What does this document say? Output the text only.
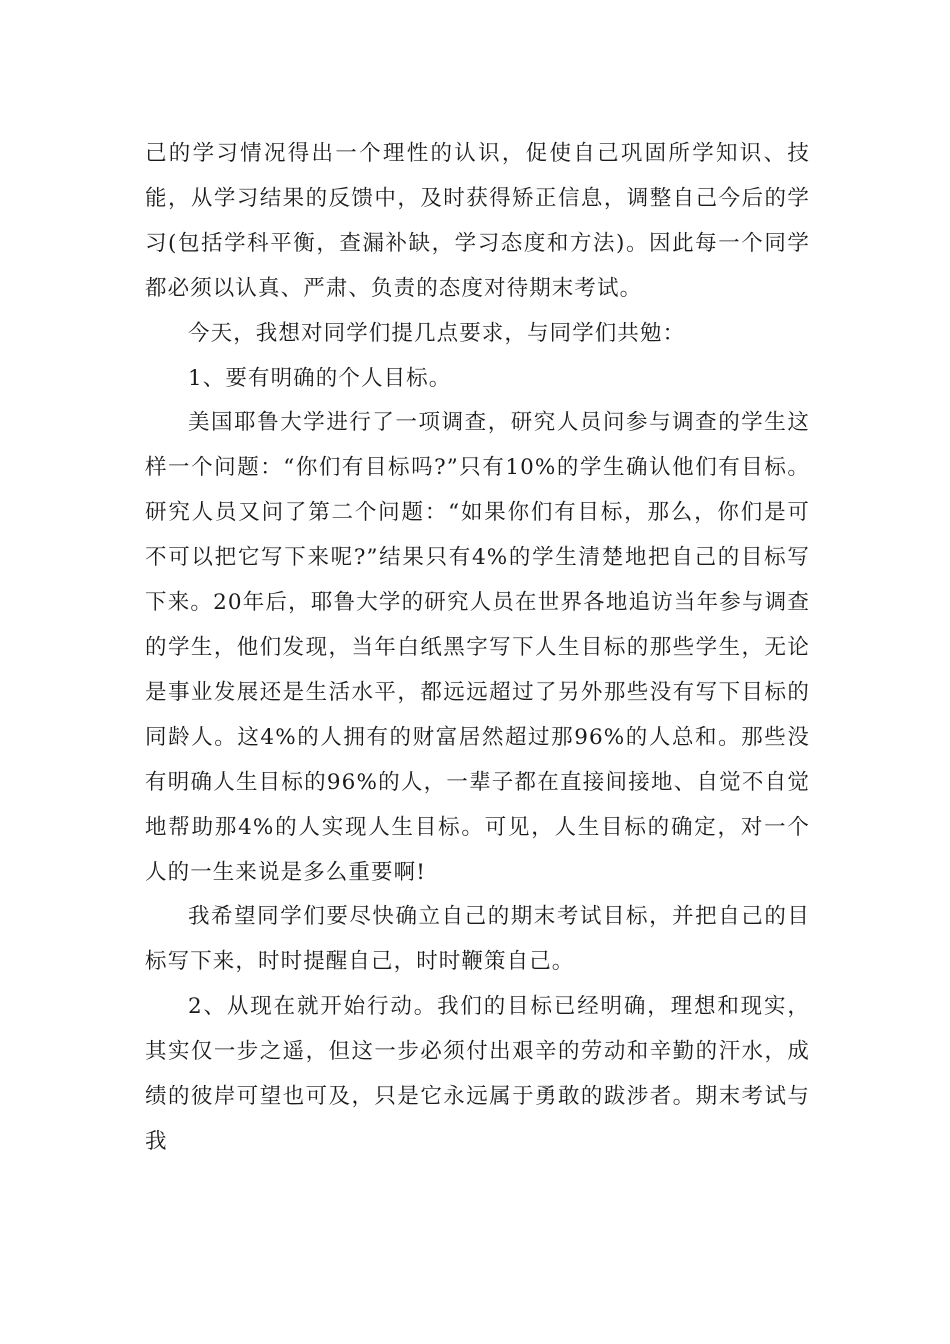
己的学习情况得出一个理性的认识，促使自己巩固所学知识、技能，从学习结果的反馈中，及时获得矫正信息，调整自己今后的学习(包括学科平衡，查漏补缺，学习态度和方法)。因此每一个同学都必须以认真、严肃、负责的态度对待期末考试。

今天，我想对同学们提几点要求，与同学们共勉：

1、要有明确的个人目标。

美国耶鲁大学进行了一项调查，研究人员问参与调查的学生这样一个问题：“你们有目标吗?”只有10%的学生确认他们有目标。研究人员又问了第二个问题：“如果你们有目标，那么，你们是可不可以把它写下来呢?”结果只有4%的学生清楚地把自己的目标写下来。20年后，耶鲁大学的研究人员在世界各地追访当年参与调查的学生，他们发现，当年白纸黑字写下人生目标的那些学生，无论是事业发展还是生活水平，都远远超过了另外那些没有写下目标的同龄人。这4%的人拥有的财富居然超过那96%的人总和。那些没有明确人生目标的96%的人，一辈子都在直接间接地、自觉不自觉地帮助那4%的人实现人生目标。可见，人生目标的确定，对一个人的一生来说是多么重要啊!

我希望同学们要尽快确立自己的期末考试目标，并把自己的目标写下来，时时提醒自己，时时鞭策自己。

2、从现在就开始行动。我们的目标已经明确，理想和现实，其实仅一步之遥，但这一步必须付出艰辛的劳动和辛勤的汗水，成绩的彼岸可望也可及，只是它永远属于勇敢的跋涉者。期末考试与我
